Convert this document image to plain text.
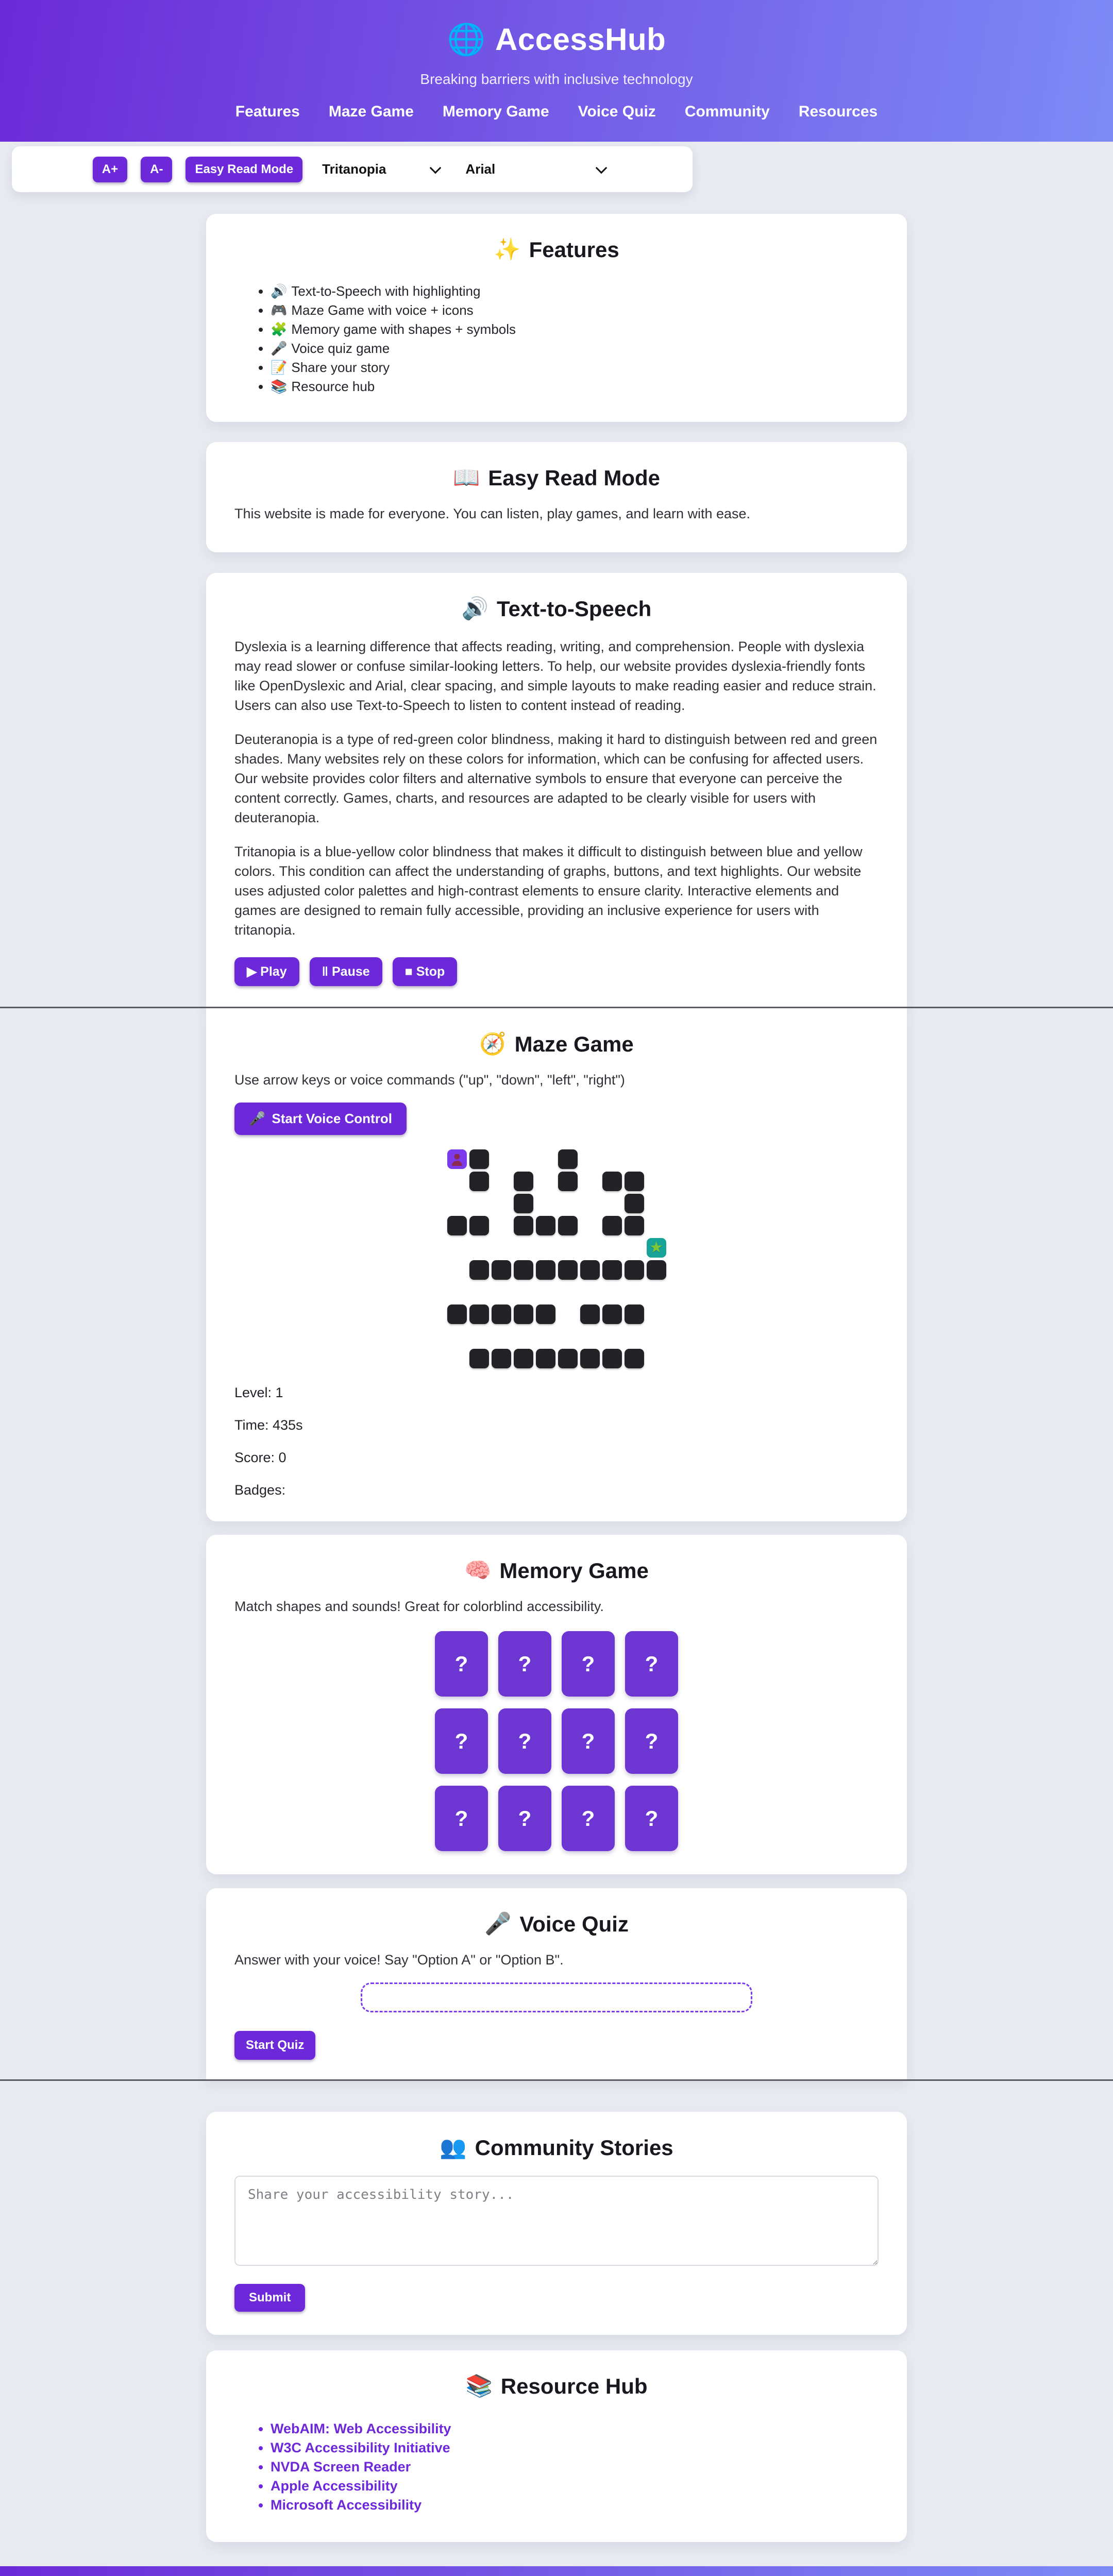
🌐 AccessHub
Breaking barriers with inclusive technology
Features Maze Game Memory Game Voice Quiz Community Resources
A+	A-	Easy Read Mode	Tritanopia	Arial
✨ Features
• 🔊 Text-to-Speech with highlighting
• 🎮 Maze Game with voice + icons
• 🧩 Memory game with shapes + symbols
• 🎤 Voice quiz game
• 📝 Share your story
• 📚 Resource hub
📖 Easy Read Mode

This website is made for everyone. You can listen, play games, and learn with ease.

🔊 Text-to-Speech

Dyslexia is a learning difference that affects reading, writing, and comprehension. People with dyslexia may read slower or confuse similar-looking letters. To help, our website provides dyslexia-friendly fonts like OpenDyslexic and Arial, clear spacing, and simple layouts to make reading easier and reduce strain. Users can also use Text-to-Speech to listen to content instead of reading.

Deuteranopia is a type of red-green color blindness, making it hard to distinguish between red and green shades. Many websites rely on these colors for information, which can be confusing for affected users. Our website provides color filters and alternative symbols to ensure that everyone can perceive the content correctly. Games, charts, and resources are adapted to be clearly visible for users with deuteranopia.

Tritanopia is a blue-yellow color blindness that makes it difficult to distinguish between blue and yellow colors. This condition can affect the understanding of graphs, buttons, and text highlights. Our website uses adjusted color palettes and high-contrast elements to ensure clarity. Interactive elements and games are designed to remain fully accessible, providing an inclusive experience for users with tritanopia.

▶ Play	‖ Pause	■ Stop
🧭 Maze Game

Use arrow keys or voice commands ("up", "down", "left", "right")

🎤 Start Voice Control
★

Level: 1

Time: 435s

Score: 0

Badges:

🧠 Memory Game

Match shapes and sounds! Great for colorblind accessibility.

?	?	?	?
?	?	?	?
?	?	?	?
🎤 Voice Quiz

Answer with your voice! Say "Option A" or "Option B".

Start Quiz
👥 Community Stories
Share your accessibility story... Submit
📚 Resource Hub
• WebAIM: Web Accessibility
• W3C Accessibility Initiative
• NVDA Screen Reader
• Apple Accessibility
• Microsoft Accessibility
